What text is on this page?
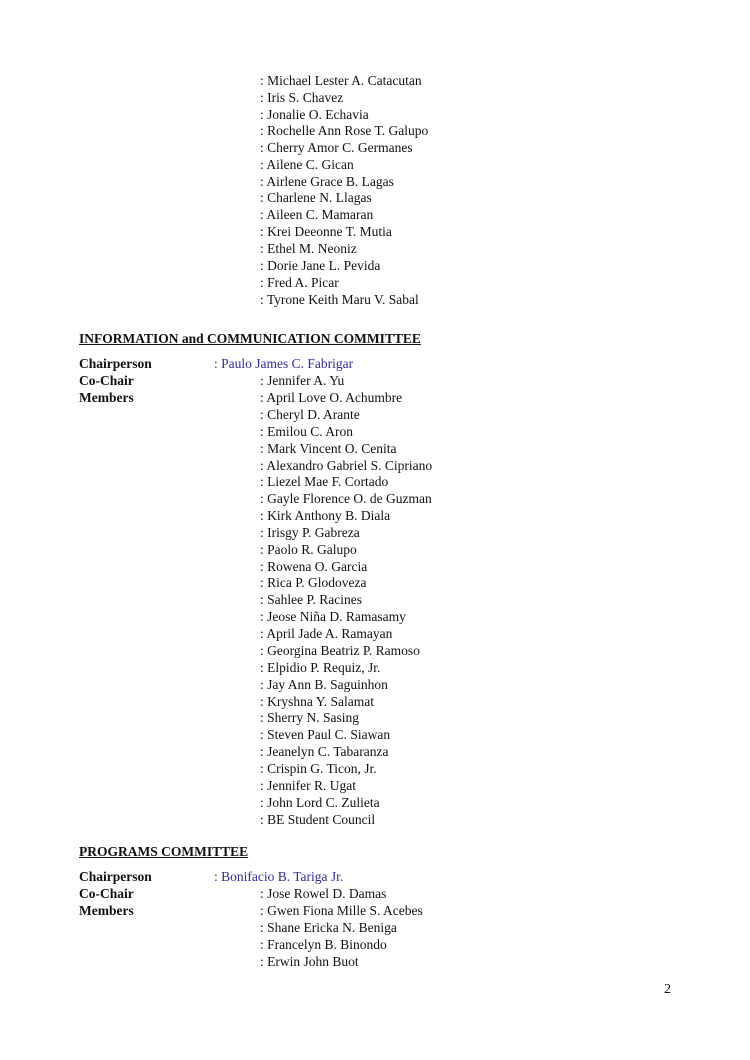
: Michael Lester A. Catacutan
: Iris S. Chavez
: Jonalie O. Echavia
: Rochelle Ann Rose T. Galupo
: Cherry Amor C. Germanes
: Ailene C. Gican
: Airlene Grace B. Lagas
: Charlene N. Llagas
: Aileen C. Mamaran
: Krei Deeonne T. Mutia
: Ethel M. Neoniz
: Dorie Jane L. Pevida
: Fred A. Picar
: Tyrone Keith Maru V. Sabal
INFORMATION and COMMUNICATION COMMITTEE
Chairperson	: Paulo James C. Fabrigar
Co-Chair
Members
: Jennifer A. Yu
: April Love O. Achumbre
: Cheryl D. Arante
: Emilou C. Aron
: Mark Vincent O. Cenita
: Alexandro Gabriel S. Cipriano
: Liezel Mae F. Cortado
: Gayle Florence O. de Guzman
: Kirk Anthony B. Diala
: Irisgy P. Gabreza
: Paolo R. Galupo
: Rowena O. Garcia
: Rica P. Glodoveza
: Sahlee P. Racines
: Jeose Niña D. Ramasamy
: April Jade A. Ramayan
: Georgina Beatriz P. Ramoso
: Elpidio P. Requiz, Jr.
: Jay Ann B. Saguinhon
: Kryshna Y. Salamat
: Sherry N. Sasing
: Steven Paul C. Siawan
: Jeanelyn C. Tabaranza
: Crispin G. Ticon, Jr.
: Jennifer R. Ugat
: John Lord C. Zulieta
: BE Student Council
PROGRAMS COMMITTEE
Chairperson	: Bonifacio B. Tariga Jr.
Co-Chair
Members
: Jose Rowel D. Damas
: Gwen Fiona Mille S. Acebes
: Shane Ericka N. Beniga
: Francelyn B. Binondo
: Erwin John Buot
2
